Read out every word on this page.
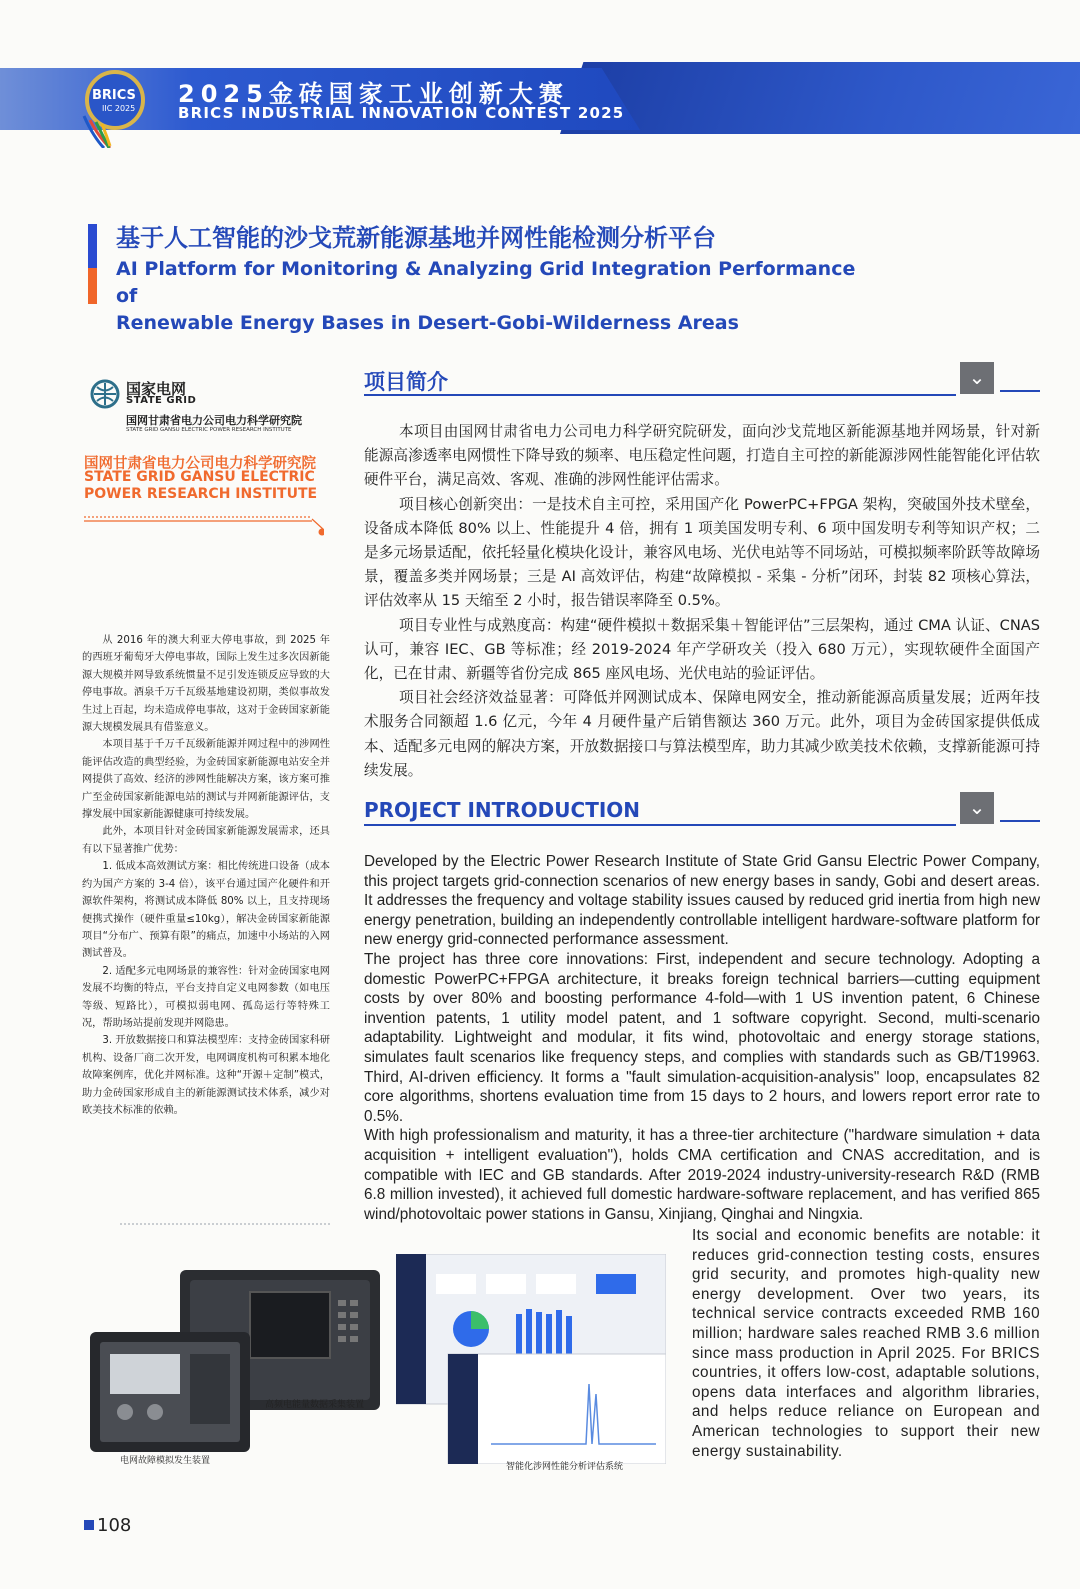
2025金砖国家工业创新大赛
BRICS INDUSTRIAL INNOVATION CONTEST 2025
BRICS
IIC 2025
基于人工智能的沙戈荒新能源基地并网性能检测分析平台
AI Platform for Monitoring & Analyzing Grid Integration Performance of
Renewable Energy Bases in Desert-Gobi-Wilderness Areas
国家电网
STATE GRID
国网甘肃省电力公司电力科学研究院
STATE GRID GANSU ELECTRIC POWER RESEARCH INSTITUTE
国网甘肃省电力公司电力科学研究院
STATE GRID GANSU ELECTRIC
POWER RESEARCH INSTITUTE

从 2016 年的澳大利亚大停电事故，到 2025 年的西班牙葡萄牙大停电事故，国际上发生过多次因新能源大规模并网导致系统惯量不足引发连锁反应导致的大停电事故。酒泉千万千瓦级基地建设初期，类似事故发生过上百起，均未造成停电事故，这对于金砖国家新能源大规模发展具有借鉴意义。

本项目基于千万千瓦级新能源并网过程中的涉网性能评估改造的典型经验，为金砖国家新能源电站安全并网提供了高效、经济的涉网性能解决方案，该方案可推广至金砖国家新能源电站的测试与并网新能源评估，支撑发展中国家新能源健康可持续发展。

此外，本项目针对金砖国家新能源发展需求，还具有以下显著推广优势：

1. 低成本高效测试方案：相比传统进口设备（成本约为国产方案的 3-4 倍），该平台通过国产化硬件和开源软件架构，将测试成本降低 80% 以上，且支持现场便携式操作（硬件重量≤10kg），解决金砖国家新能源项目“分布广、预算有限”的痛点，加速中小场站的入网测试普及。

2. 适配多元电网场景的兼容性：针对金砖国家电网发展不均衡的特点，平台支持自定义电网参数（如电压等级、短路比），可模拟弱电网、孤岛运行等特殊工况，帮助场站提前发现并网隐患。

3. 开放数据接口和算法模型库：支持金砖国家科研机构、设备厂商二次开发，电网调度机构可积累本地化故障案例库，优化并网标准。这种“开源＋定制”模式，助力金砖国家形成自主的新能源测试技术体系，减少对欧美技术标准的依赖。

项目简介	⌄

本项目由国网甘肃省电力公司电力科学研究院研发，面向沙戈荒地区新能源基地并网场景，针对新能源高渗透率电网惯性下降导致的频率、电压稳定性问题，打造自主可控的新能源涉网性能智能化评估软硬件平台，满足高效、客观、准确的涉网性能评估需求。

项目核心创新突出：一是技术自主可控，采用国产化 PowerPC+FPGA 架构，突破国外技术壁垒，设备成本降低 80% 以上、性能提升 4 倍，拥有 1 项美国发明专利、6 项中国发明专利等知识产权；二是多元场景适配，依托轻量化模块化设计，兼容风电场、光伏电站等不同场站，可模拟频率阶跃等故障场景，覆盖多类并网场景；三是 AI 高效评估，构建“故障模拟 - 采集 - 分析”闭环，封装 82 项核心算法，评估效率从 15 天缩至 2 小时，报告错误率降至 0.5%。

项目专业性与成熟度高：构建“硬件模拟＋数据采集＋智能评估”三层架构，通过 CMA 认证、CNAS 认可，兼容 IEC、GB 等标准；经 2019-2024 年产学研攻关（投入 680 万元），实现软硬件全面国产化，已在甘肃、新疆等省份完成 865 座风电场、光伏电站的验证评估。

项目社会经济效益显著：可降低并网测试成本、保障电网安全，推动新能源高质量发展；近两年技术服务合同额超 1.6 亿元，今年 4 月硬件量产后销售额达 360 万元。此外，项目为金砖国家提供低成本、适配多元电网的解决方案，开放数据接口与算法模型库，助力其减少欧美技术依赖，支撑新能源可持续发展。

PROJECT INTRODUCTION	⌄

Developed by the Electric Power Research Institute of State Grid Gansu Electric Power Company, this project targets grid-connection scenarios of new energy bases in sandy, Gobi and desert areas. It addresses the frequency and voltage stability issues caused by reduced grid inertia from high new energy penetration, building an independently controllable intelligent hardware-software platform for new energy grid-connected performance assessment.

The project has three core innovations: First, independent and secure technology. Adopting a domestic PowerPC+FPGA architecture, it breaks foreign technical barriers—cutting equipment costs by over 80% and boosting performance 4-fold—with 1 US invention patent, 6 Chinese invention patents, 1 utility model patent, and 1 software copyright. Second, multi-scenario adaptability. Lightweight and modular, it fits wind, photovoltaic and energy storage stations, simulates fault scenarios like frequency steps, and complies with standards such as GB/T19963. Third, AI-driven efficiency. It forms a "fault simulation-acquisition-analysis" loop, encapsulates 82 core algorithms, shortens evaluation time from 15 days to 2 hours, and lowers report error rate to 0.5%.

With high professionalism and maturity, it has a three-tier architecture ("hardware simulation + data acquisition + intelligent evaluation"), holds CMA certification and CNAS accreditation, and is compatible with IEC and GB standards. After 2019-2024 industry-university-research R&D (RMB 6.8 million invested), it achieved full domestic hardware-software replacement, and has verified 865 wind/photovoltaic power stations in Gansu, Xinjiang, Qinghai and Ningxia.

Its social and economic benefits are notable: it reduces grid-connection testing costs, ensures grid security, and promotes high-quality new energy development. Over two years, its technical service contracts exceeded RMB 160 million; hardware sales reached RMB 3.6 million since mass production in April 2025. For BRICS countries, it offers low-cost, adaptable solutions, opens data interfaces and algorithm libraries, and helps reduce reliance on European and American technologies to support their new energy sustainability.
高频电能量数据采集装置
电网故障模拟发生装置
智能化涉网性能分析评估系统
108
